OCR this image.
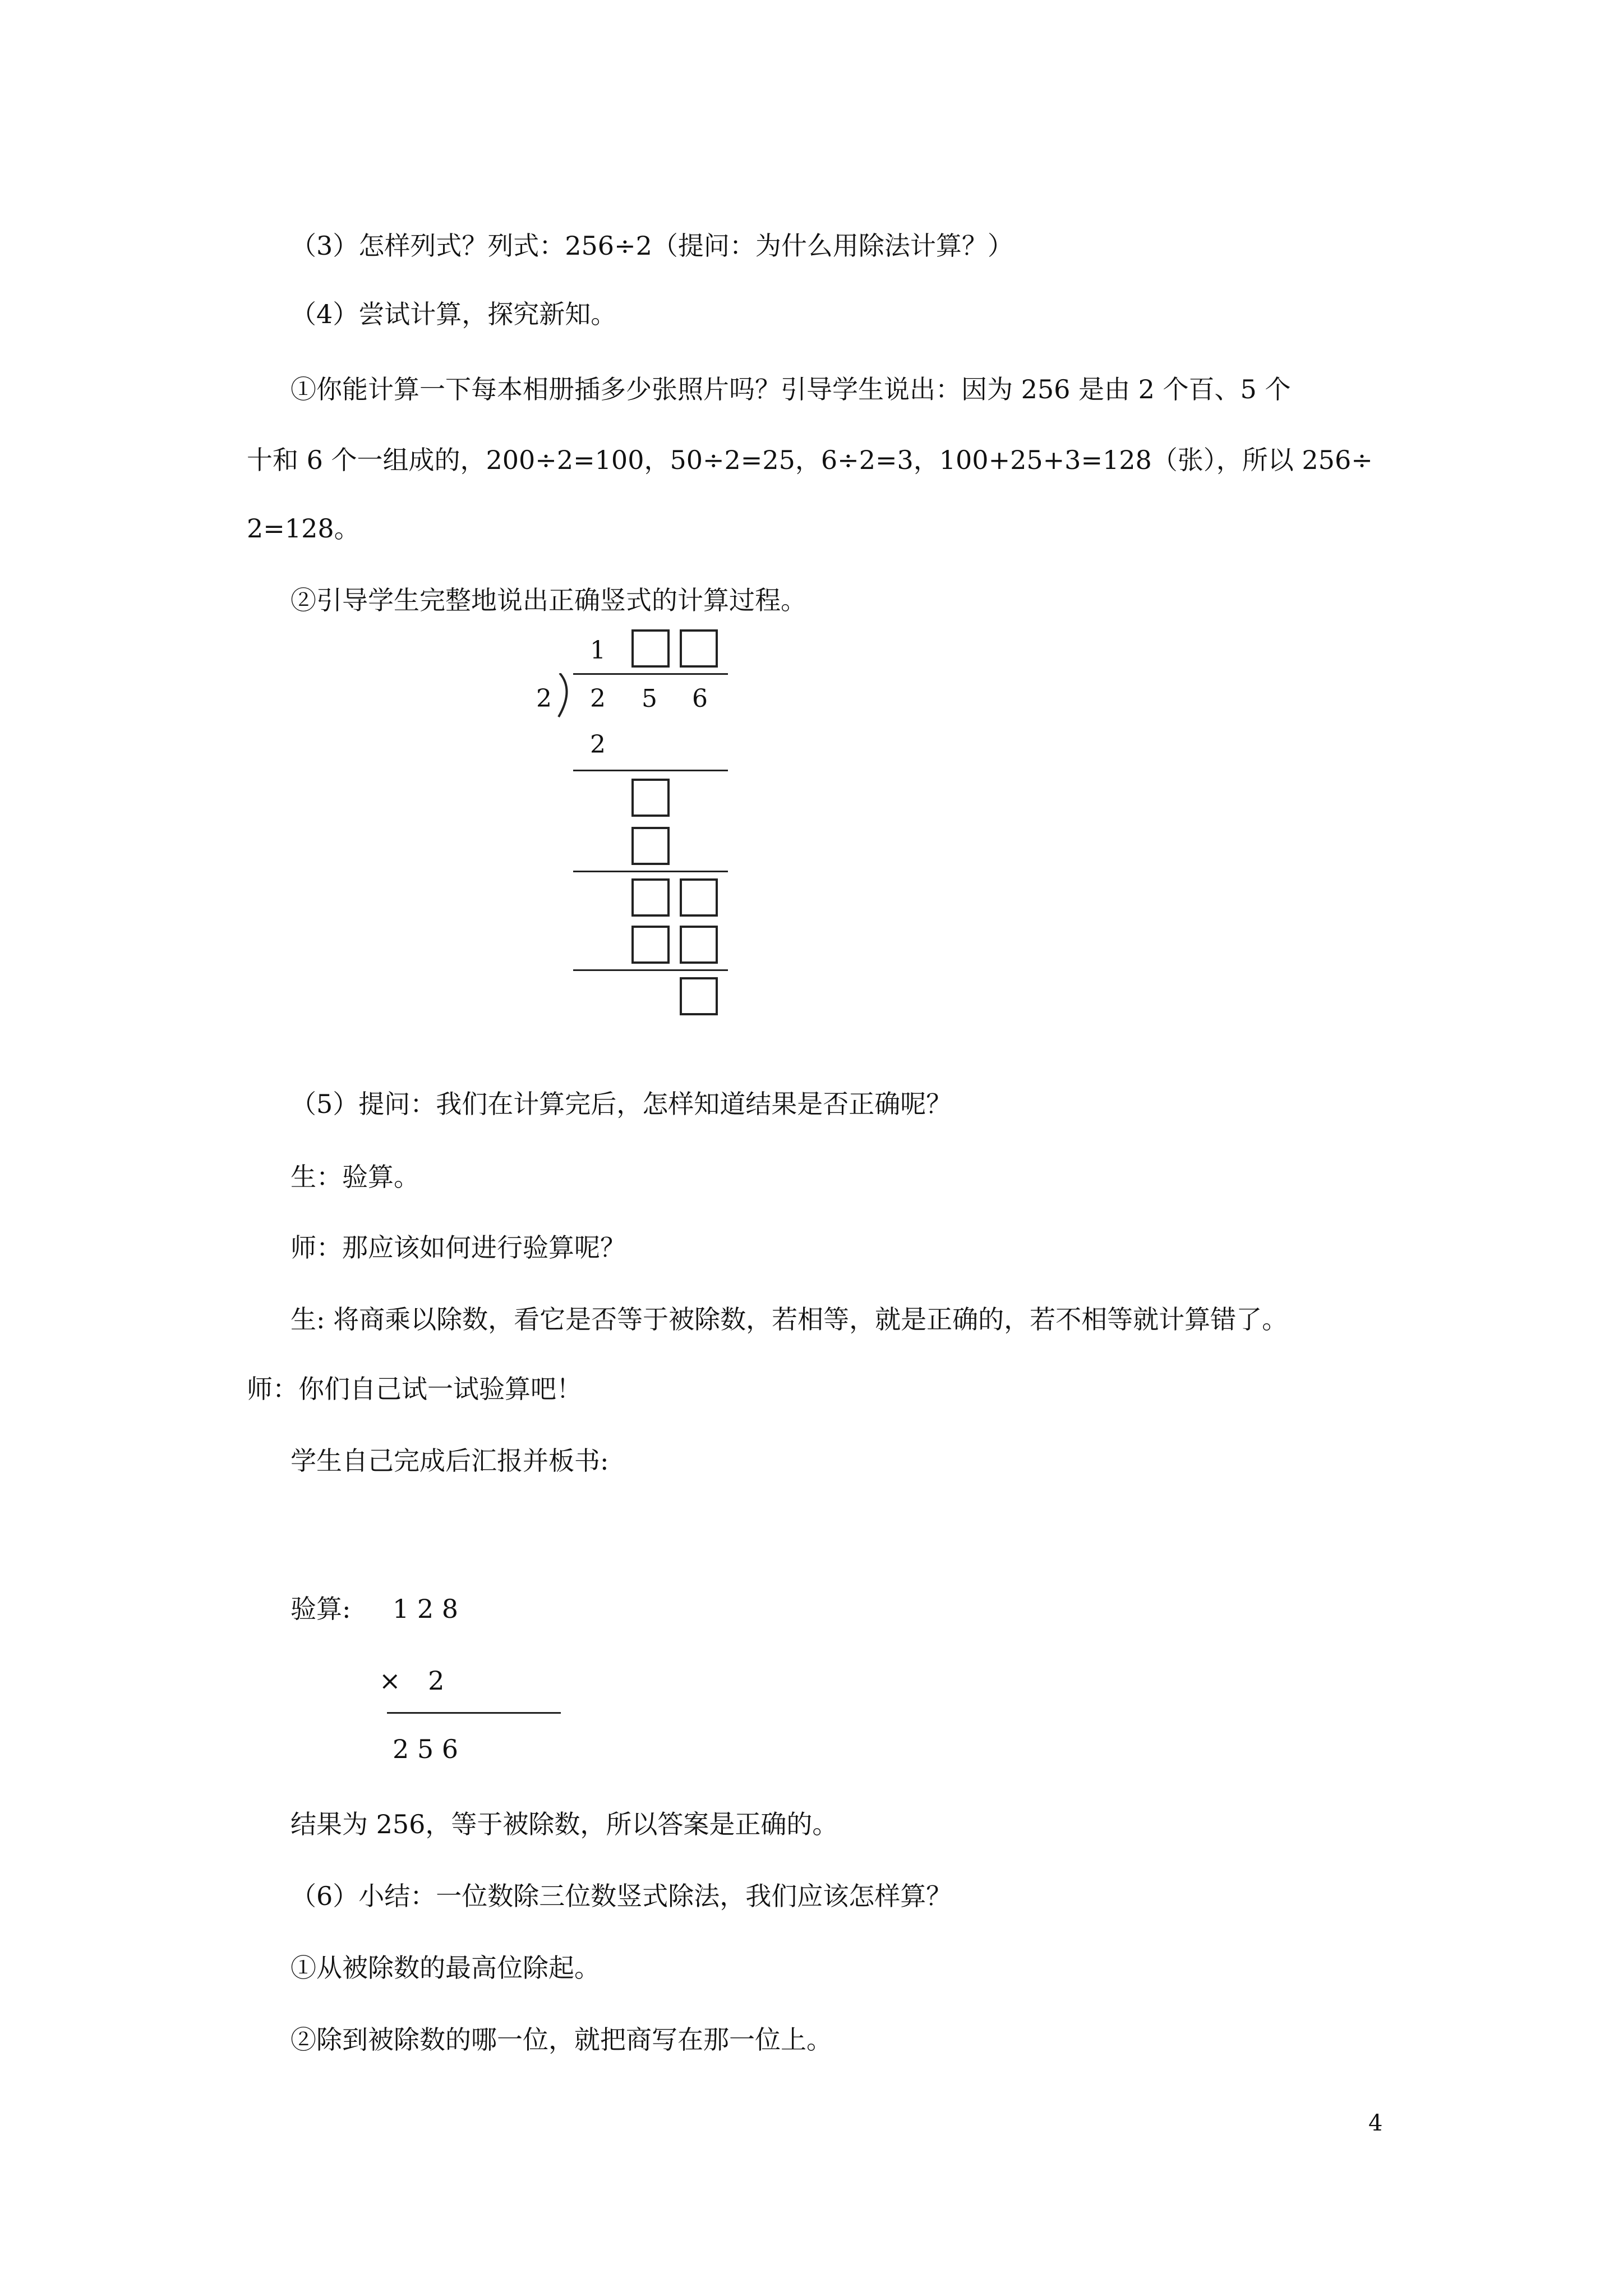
（3）怎样列式？列式：256÷2（提问：为什么用除法计算？）
（4）尝试计算，探究新知。
①你能计算一下每本相册插多少张照片吗？引导学生说出：因为 256 是由 2 个百、5 个
十和 6 个一组成的，200÷2=100，50÷2=25，6÷2=3，100+25+3=128（张），所以 256÷
2=128。
②引导学生完整地说出正确竖式的计算过程。
1
2 2 5 6
2
（5）提问：我们在计算完后，怎样知道结果是否正确呢？
生：验算。
师：那应该如何进行验算呢？
生: 将商乘以除数，看它是否等于被除数，若相等，就是正确的，若不相等就计算错了。
师：你们自己试一试验算吧！
学生自己完成后汇报并板书:
验算: 1 2 8
× 2
2 5 6
结果为 256，等于被除数，所以答案是正确的。
（6）小结：一位数除三位数竖式除法，我们应该怎样算？
①从被除数的最高位除起。
②除到被除数的哪一位，就把商写在那一位上。
4
